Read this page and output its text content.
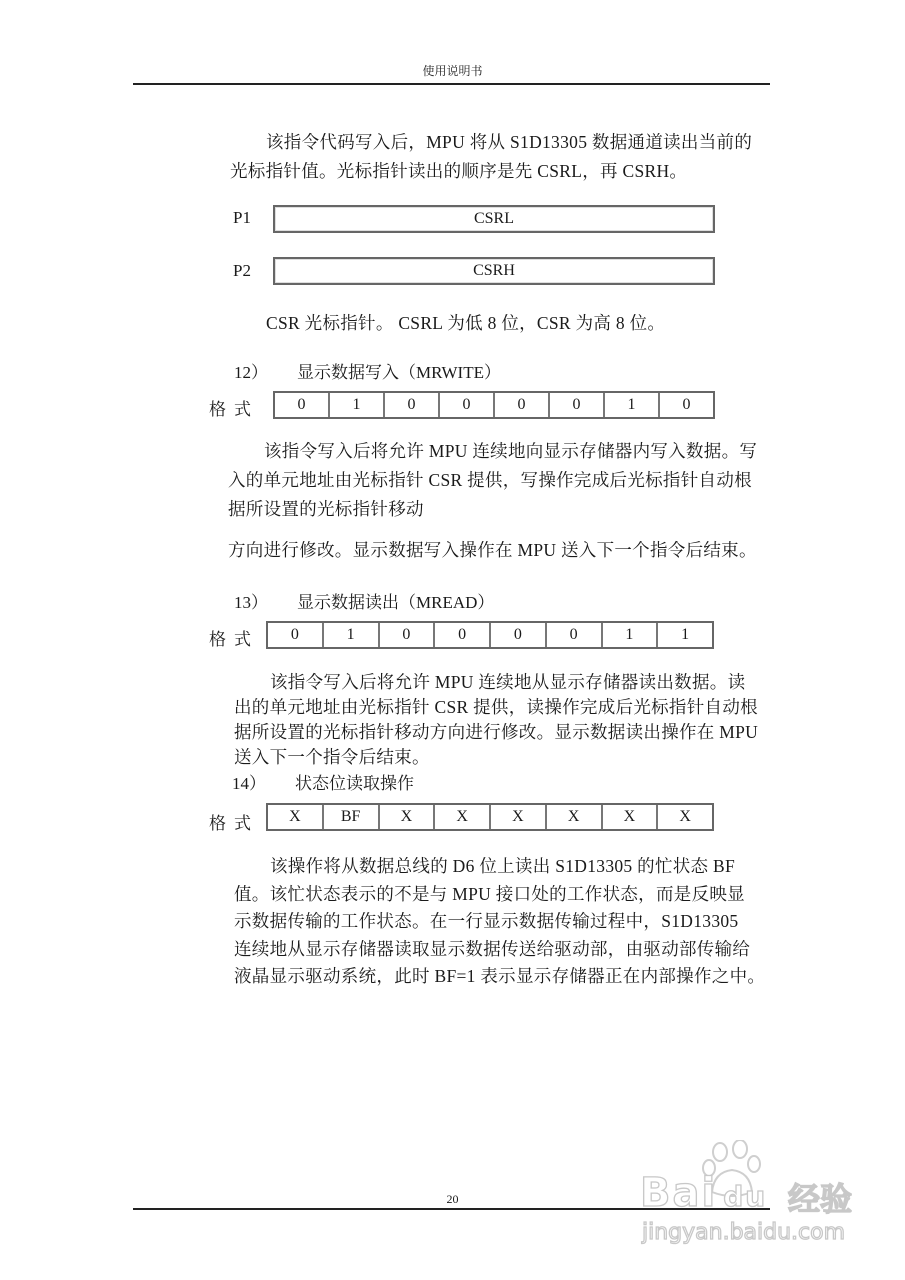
使用说明书
该指令代码写入后，MPU 将从 S1D13305 数据通道读出当前的
光标指针值。光标指针读出的顺序是先 CSRL，再 CSRH。
P1	CSRL
P2	CSRH
CSR 光标指针。 CSRL 为低 8 位，CSR 为高 8 位。
12） 显示数据写入（MRWITE）
格式	0	1	0	0	0	0	1	0
该指令写入后将允许 MPU 连续地向显示存储器内写入数据。写
入的单元地址由光标指针 CSR 提供，写操作完成后光标指针自动根
据所设置的光标指针移动
方向进行修改。显示数据写入操作在 MPU 送入下一个指令后结束。
13） 显示数据读出（MREAD）
格式	0	1	0	0	0	0	1	1
该指令写入后将允许 MPU 连续地从显示存储器读出数据。读
出的单元地址由光标指针 CSR 提供，读操作完成后光标指针自动根
据所设置的光标指针移动方向进行修改。显示数据读出操作在 MPU
送入下一个指令后结束。
14） 状态位读取操作
格式	X	BF	X	X	X	X	X	X
该操作将从数据总线的 D6 位上读出 S1D13305 的忙状态 BF
值。该忙状态表示的不是与 MPU 接口处的工作状态，而是反映显
示数据传输的工作状态。在一行显示数据传输过程中，S1D13305
连续地从显示存储器读取显示数据传送给驱动部，由驱动部传输给
液晶显示驱动系统，此时 BF=1 表示显示存储器正在内部操作之中。
20	Bai du 经验
jingyan.baidu.com
